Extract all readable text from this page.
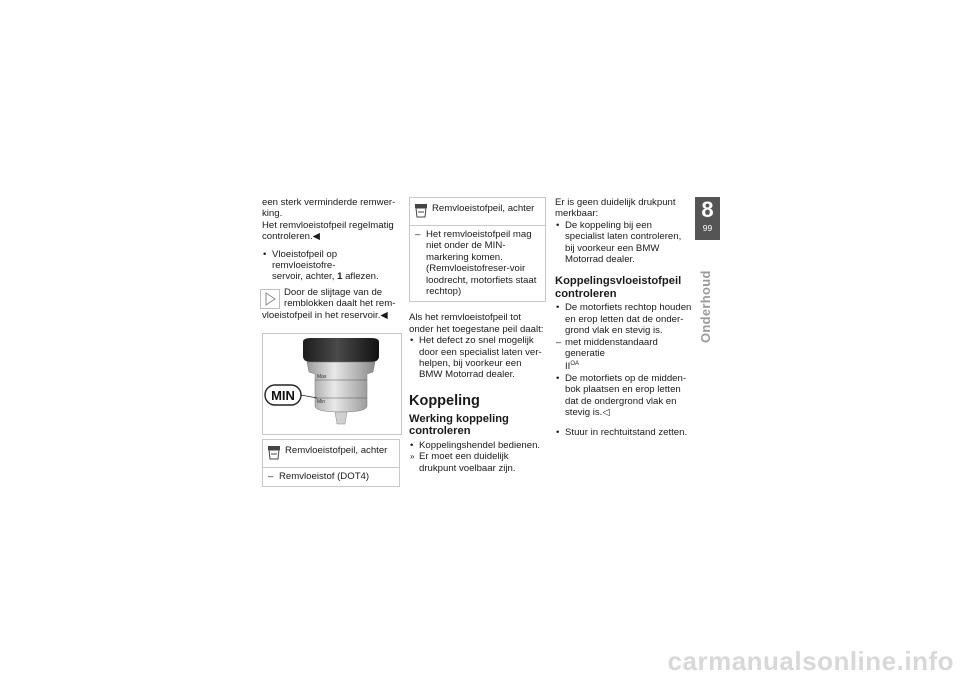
8
99
Onderhoud

een sterk verminderde remwer-king.

Het remvloeistofpeil regelmatig controleren.◀

• Vloeistofpeil op remvloeistofre-
servoir, achter, 1 aflezen.
Door de slijtage van de
remblokken daalt het rem-
vloeistofpeil in het reservoir.◀
Max
Min
MIN
Remvloeistofpeil, achter
– Remvloeistof (DOT4)
Remvloeistofpeil, achter
– Het remvloeistofpeil mag niet onder de MIN-markering komen. (Remvloeistofreser-voir loodrecht, motorfiets staat rechtop)

Als het remvloeistofpeil tot onder het toegestane peil daalt:

• Het defect zo snel mogelijk door een specialist laten ver-helpen, bij voorkeur een BMW Motorrad dealer.
Koppeling
Werking koppeling controleren
• Koppelingshendel bedienen.
» Er moet een duidelijk drukpunt voelbaar zijn.

Er is geen duidelijk drukpunt merkbaar:

• De koppeling bij een specialist laten controleren, bij voorkeur een BMW Motorrad dealer.
Koppelingsvloeistofpeil controleren
• De motorfiets rechtop houden en erop letten dat de onder-grond vlak en stevig is.
– met middenstandaard generatie
$II^{OA}$
• De motorfiets op de midden-bok plaatsen en erop letten dat de ondergrond vlak en stevig is.◁
• Stuur in rechtuitstand zetten.
carmanualsonline.info
